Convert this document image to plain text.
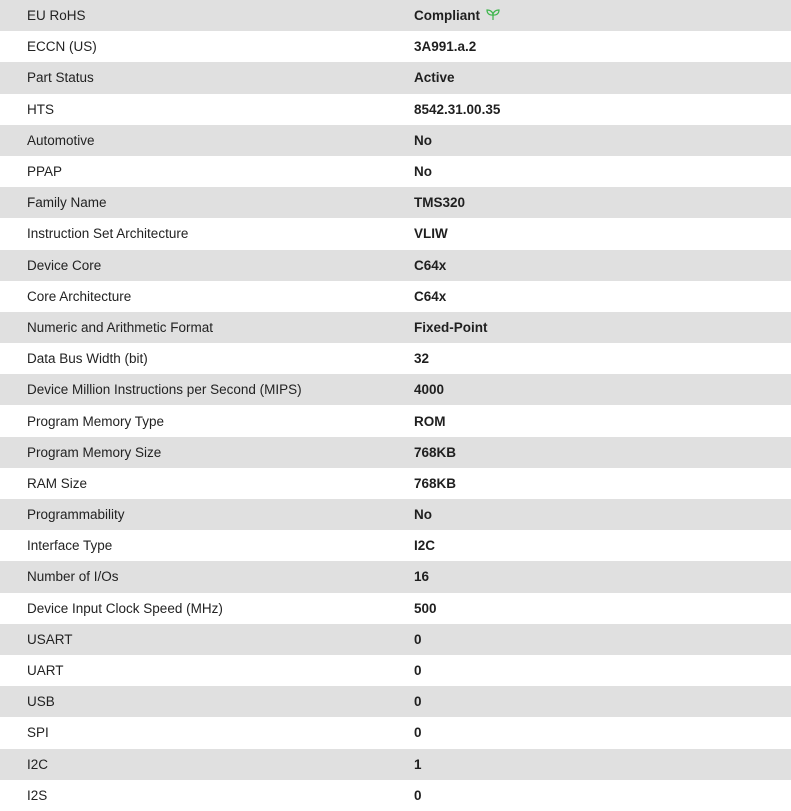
EU RoHS	Compliant
ECCN (US)	3A991.a.2
Part Status	Active
HTS	8542.31.00.35
Automotive	No
PPAP	No
Family Name	TMS320
Instruction Set Architecture	VLIW
Device Core	C64x
Core Architecture	C64x
Numeric and Arithmetic Format	Fixed-Point
Data Bus Width (bit)	32
Device Million Instructions per Second (MIPS)	4000
Program Memory Type	ROM
Program Memory Size	768KB
RAM Size	768KB
Programmability	No
Interface Type	I2C
Number of I/Os	16
Device Input Clock Speed (MHz)	500
USART	0
UART	0
USB	0
SPI	0
I2C	1
I2S	0
